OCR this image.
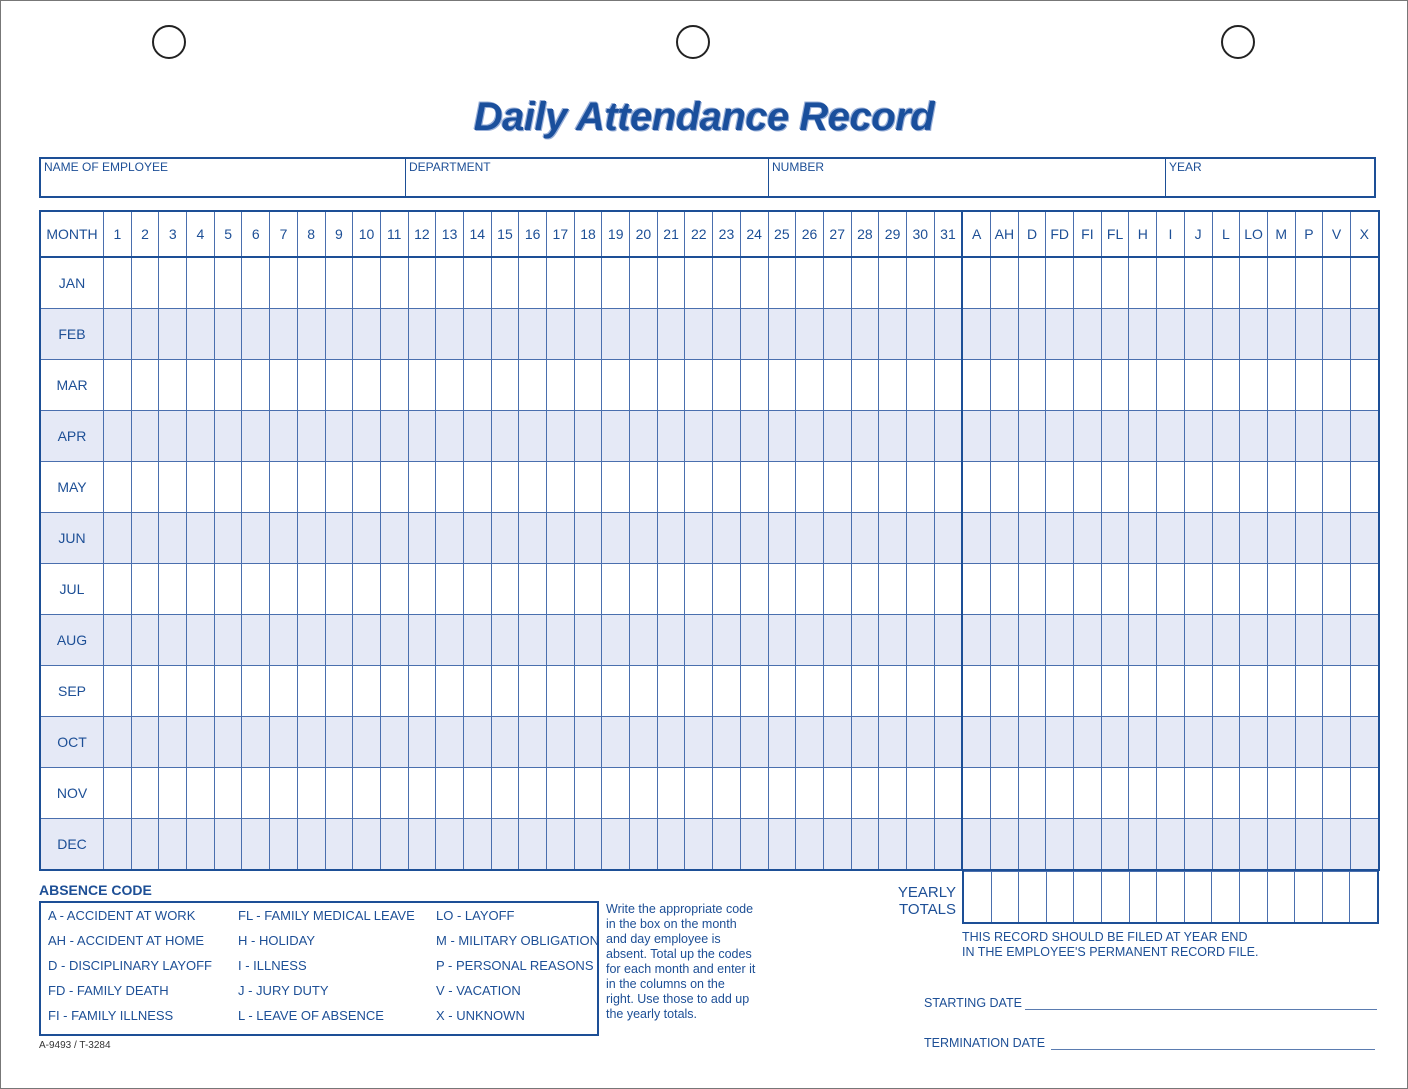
Daily Attendance Record
NAME OF EMPLOYEE	DEPARTMENT	NUMBER	YEAR
MONTH	1	2	3	4	5	6	7	8	9	10	11	12	13	14	15	16	17	18	19	20	21	22	23	24	25	26	27	28	29	30	31	A	AH	D	FD	FI	FL	H	I	J	L	LO	M	P	V	X
JAN																																														
FEB																																														
MAR																																														
APR																																														
MAY																																														
JUN																																														
JUL																																														
AUG																																														
SEP																																														
OCT																																														
NOV																																														
DEC																																														
YEARLY TOTALS

ABSENCE CODE
A - ACCIDENT AT WORK
AH - ACCIDENT AT HOME
D - DISCIPLINARY LAYOFF
FD - FAMILY DEATH
FI - FAMILY ILLNESS
FL - FAMILY MEDICAL LEAVE
H - HOLIDAY
I - ILLNESS
J - JURY DUTY
L - LEAVE OF ABSENCE
LO - LAYOFF
M - MILITARY OBLIGATION
P - PERSONAL REASONS
V - VACATION
X - UNKNOWN
Write the appropriate code in the box on the month and day employee is absent. Total up the codes for each month and enter it in the columns on the right. Use those to add up the yearly totals.
A-9493 / T-3284
THIS RECORD SHOULD BE FILED AT YEAR END
IN THE EMPLOYEE'S PERMANENT RECORD FILE.
STARTING DATE
TERMINATION DATE
